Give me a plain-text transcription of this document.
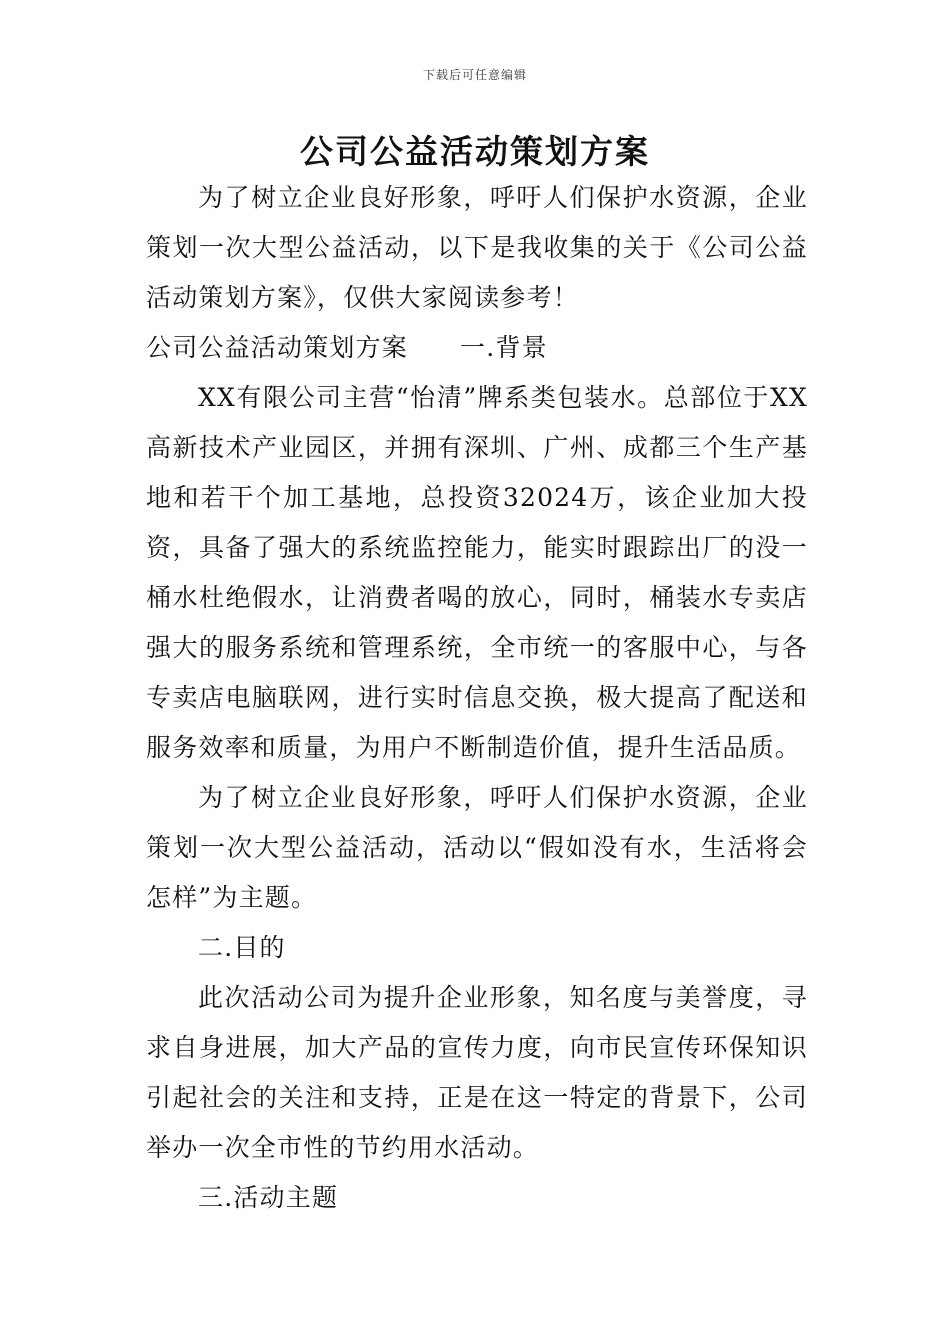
下载后可任意编辑
公司公益活动策划方案

为了树立企业良好形象，呼吁人们保护水资源，企业策划一次大型公益活动，以下是我收集的关于《公司公益活动策划方案》，仅供大家阅读参考！

公司公益活动策划方案 一.背景

XX有限公司主营“怡清”牌系类包装水。总部位于XX高新技术产业园区，并拥有深圳、广州、成都三个生产基地和若干个加工基地，总投资32024万，该企业加大投资，具备了强大的系统监控能力，能实时跟踪出厂的没一桶水杜绝假水，让消费者喝的放心，同时，桶装水专卖店强大的服务系统和管理系统，全市统一的客服中心，与各专卖店电脑联网，进行实时信息交换，极大提高了配送和服务效率和质量，为用户不断制造价值，提升生活品质。

为了树立企业良好形象，呼吁人们保护水资源，企业策划一次大型公益活动，活动以“假如没有水，生活将会怎样”为主题。

二.目的

此次活动公司为提升企业形象，知名度与美誉度，寻求自身进展，加大产品的宣传力度，向市民宣传环保知识引起社会的关注和支持，正是在这一特定的背景下，公司举办一次全市性的节约用水活动。

三.活动主题
